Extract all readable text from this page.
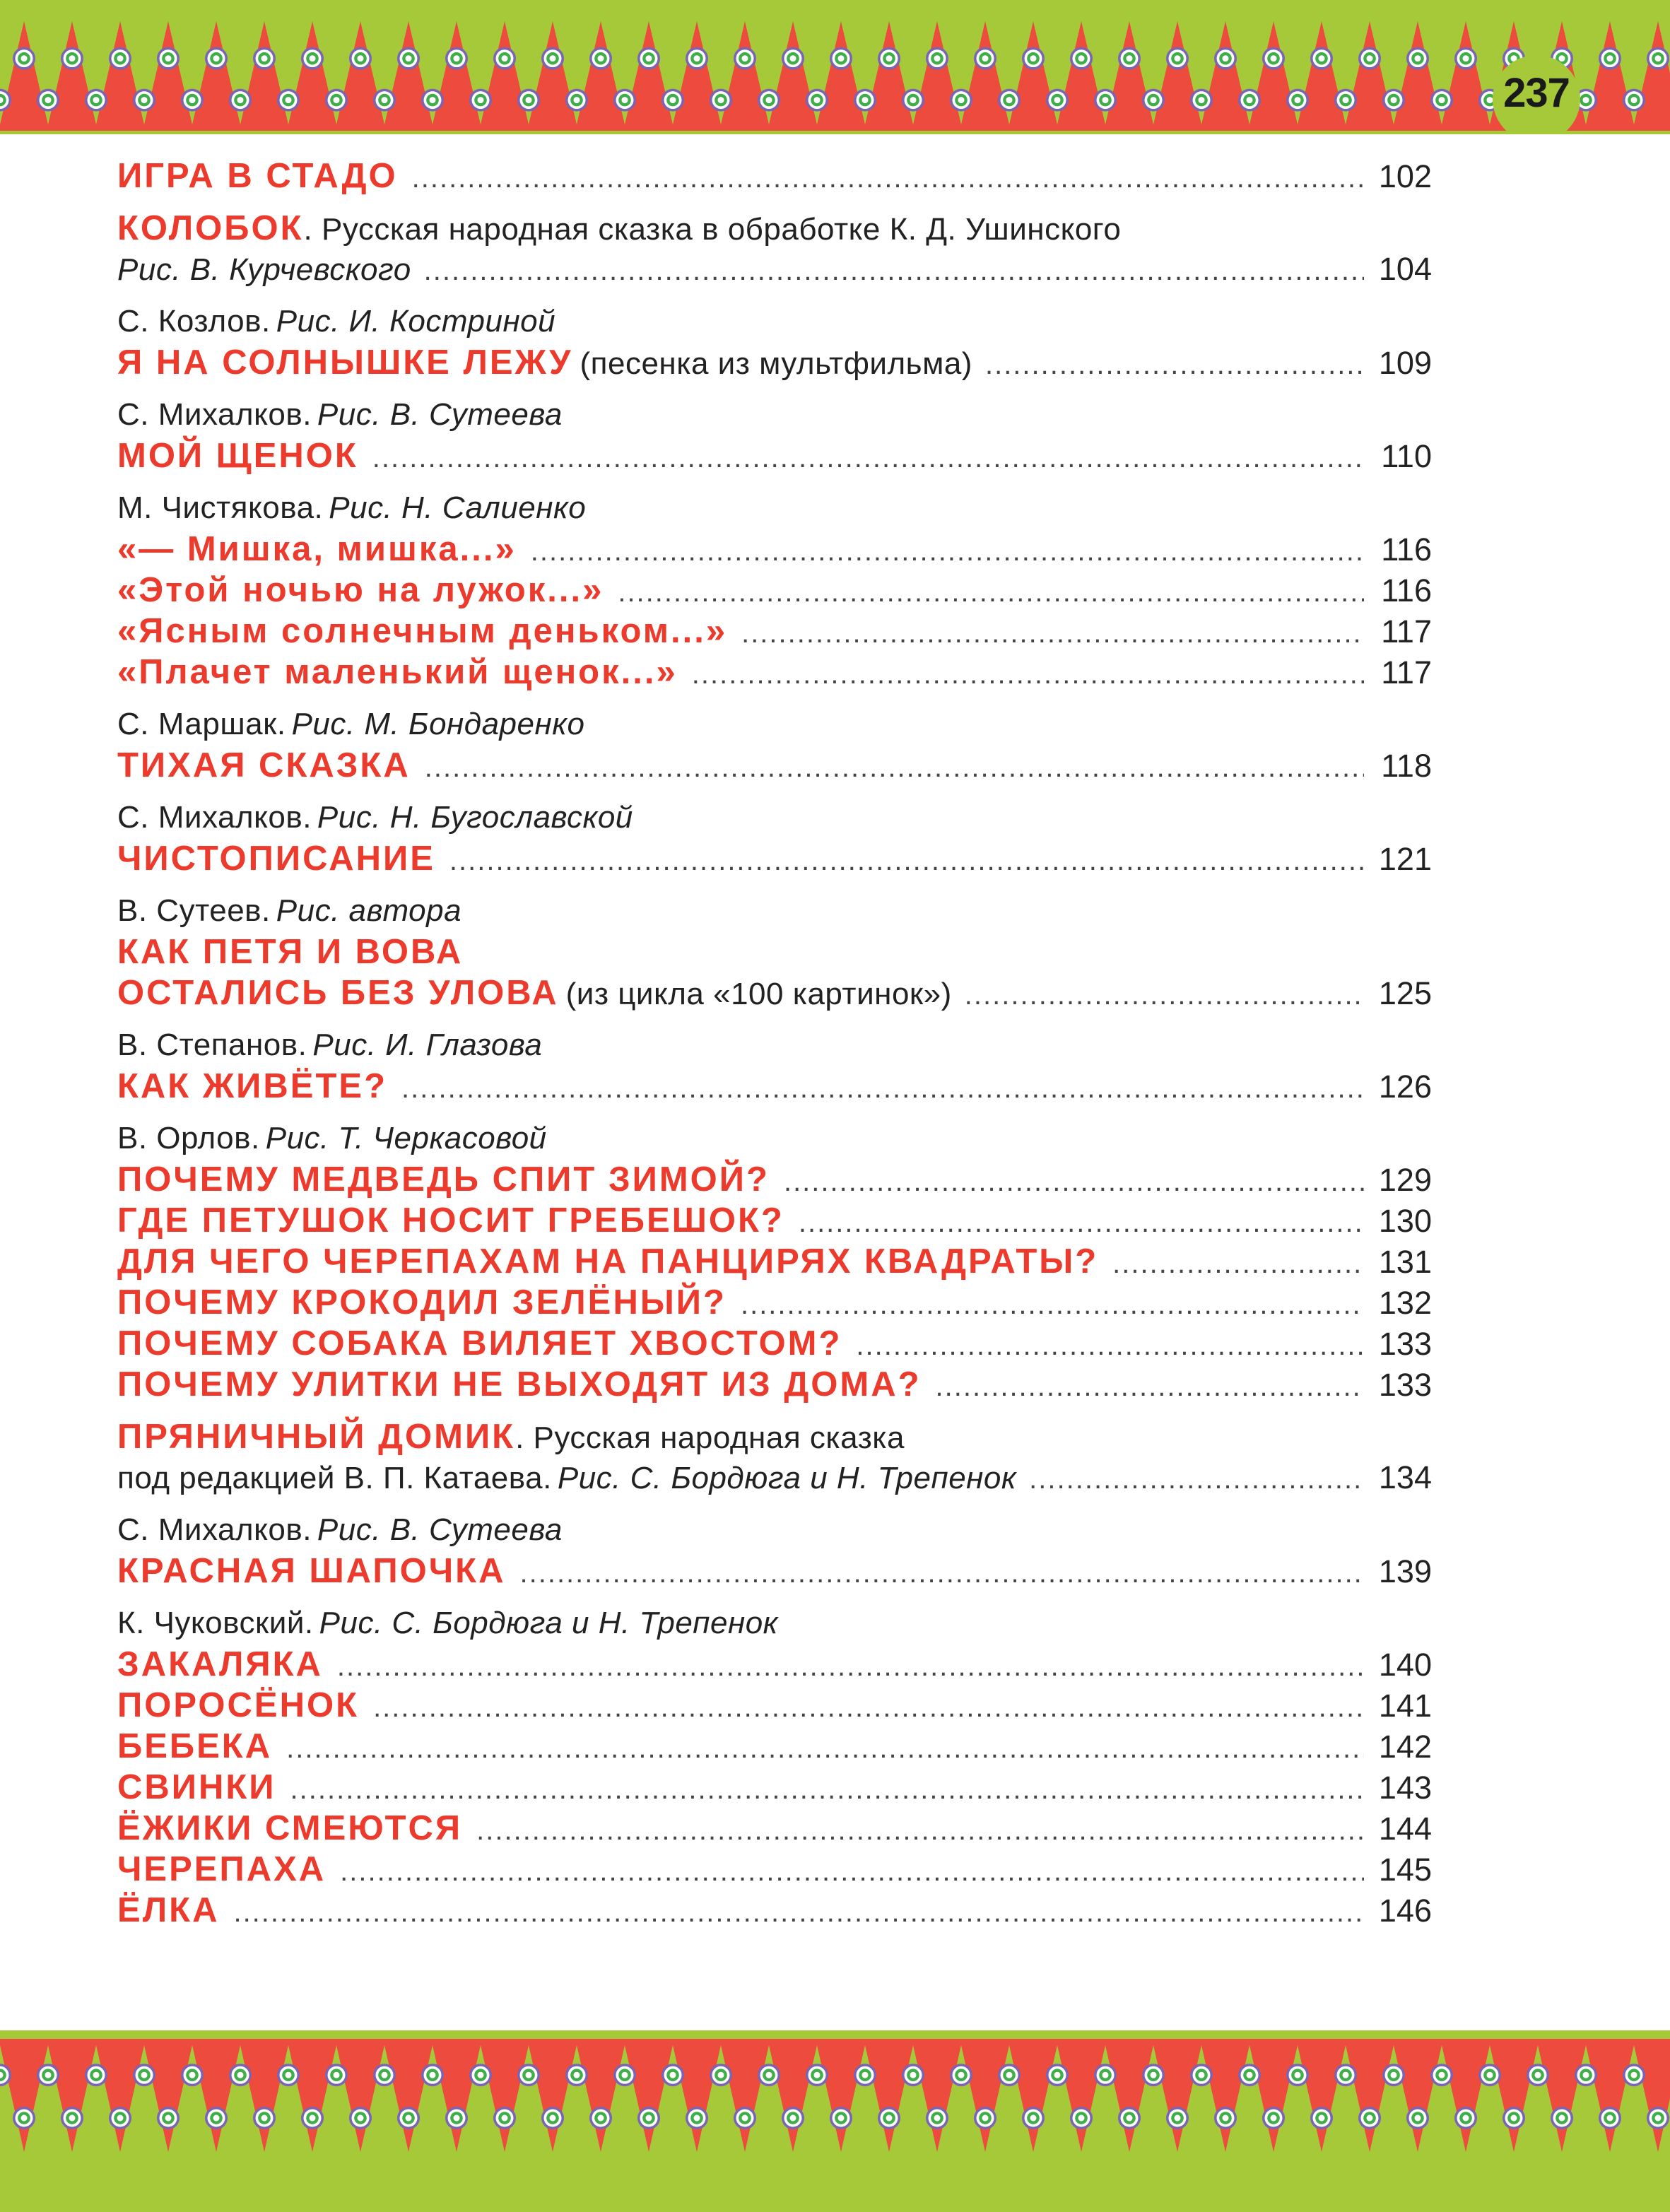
237
ИГРА В СТАДО .....	102
КОЛОБОК . Русская народная сказка в обработке К. Д. Ушинского
Рис. В. Курчевского .....	104
С. Козлов. Рис. И. Костриной
Я НА СОЛНЫШКЕ ЛЕЖУ (песенка из мультфильма) .....	109
С. Михалков. Рис. В. Сутеева
МОЙ ЩЕНОК .....	110
М. Чистякова. Рис. Н. Салиенко
«— Мишка, мишка...» .....	116
«Этой ночью на лужок...» .....	116
«Ясным солнечным деньком...» .....	117
«Плачет маленький щенок...» .....	117
С. Маршак. Рис. М. Бондаренко
ТИХАЯ СКАЗКА .....	118
С. Михалков. Рис. Н. Бугославской
ЧИСТОПИСАНИЕ .....	121
В. Сутеев. Рис. автора
КАК ПЕТЯ И ВОВА
ОСТАЛИСЬ БЕЗ УЛОВА (из цикла «100 картинок») .....	125
В. Степанов. Рис. И. Глазова
КАК ЖИВЁТЕ? .....	126
В. Орлов. Рис. Т. Черкасовой
ПОЧЕМУ МЕДВЕДЬ СПИТ ЗИМОЙ? .....	129
ГДЕ ПЕТУШОК НОСИТ ГРЕБЕШОК? .....	130
ДЛЯ ЧЕГО ЧЕРЕПАХАМ НА ПАНЦИРЯХ КВАДРАТЫ? .....	131
ПОЧЕМУ КРОКОДИЛ ЗЕЛЁНЫЙ? .....	132
ПОЧЕМУ СОБАКА ВИЛЯЕТ ХВОСТОМ? .....	133
ПОЧЕМУ УЛИТКИ НЕ ВЫХОДЯТ ИЗ ДОМА? .....	133
ПРЯНИЧНЫЙ ДОМИК . Русская народная сказка
под редакцией В. П. Катаева. Рис. С. Бордюга и Н. Трепенок .....	134
С. Михалков. Рис. В. Сутеева
КРАСНАЯ ШАПОЧКА .....	139
К. Чуковский. Рис. С. Бордюга и Н. Трепенок
ЗАКАЛЯКА .....	140
ПОРОСЁНОК .....	141
БЕБЕКА .....	142
СВИНКИ .....	143
ЁЖИКИ СМЕЮТСЯ .....	144
ЧЕРЕПАХА .....	145
ЁЛКА .....	146
